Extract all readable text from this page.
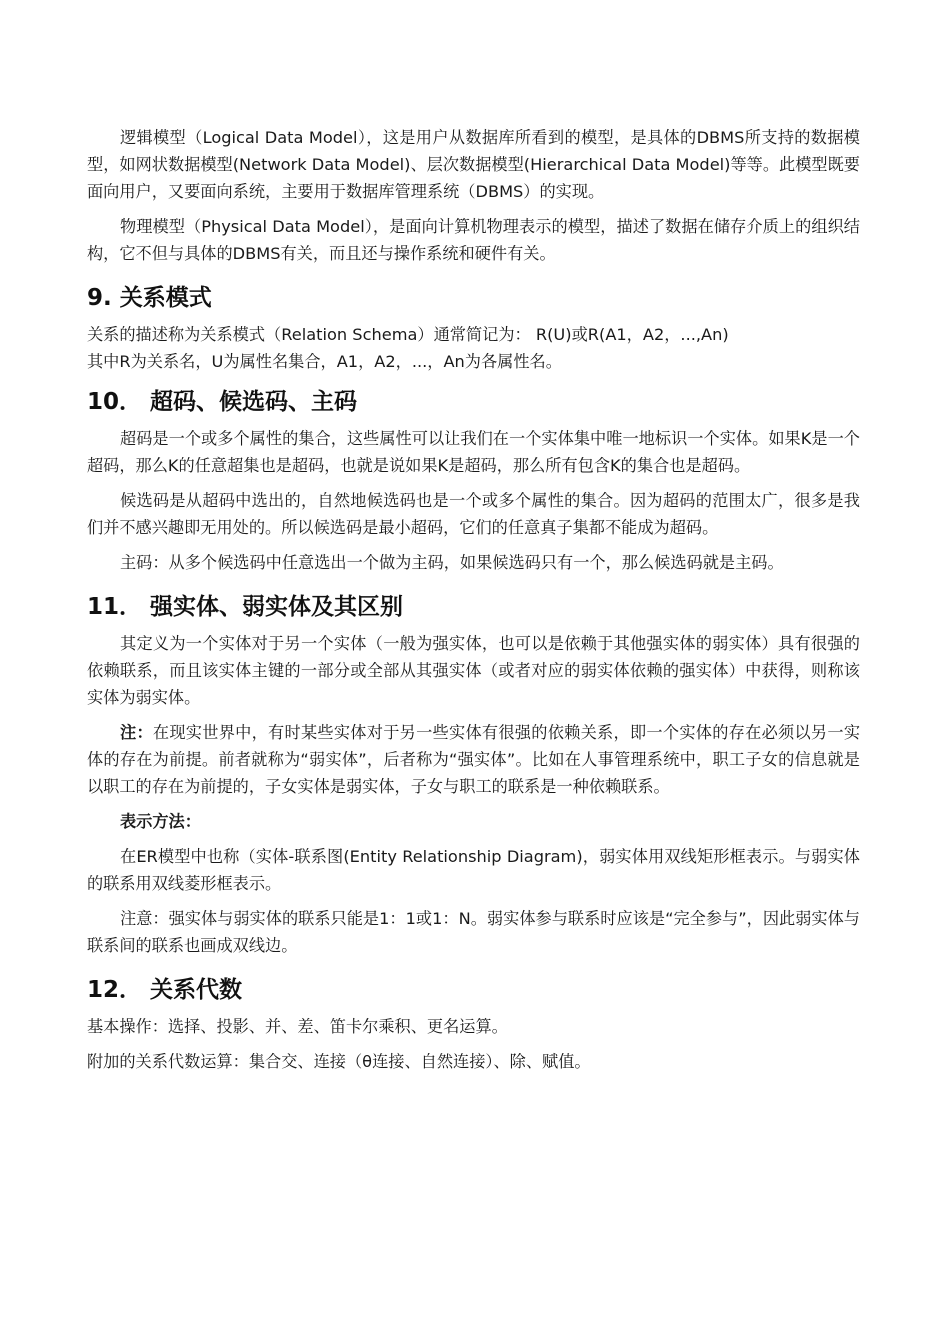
逻辑模型（Logical Data Model），这是用户从数据库所看到的模型，是具体的DBMS所支持的数据模型，如网状数据模型(Network Data Model)、层次数据模型(Hierarchical Data Model)等等。此模型既要面向用户，又要面向系统，主要用于数据库管理系统（DBMS）的实现。

物理模型（Physical Data Model），是面向计算机物理表示的模型，描述了数据在储存介质上的组织结构，它不但与具体的DBMS有关，而且还与操作系统和硬件有关。

9. 关系模式

关系的描述称为关系模式（Relation Schema）通常简记为： R(U)或R(A1，A2，...,An)

其中R为关系名，U为属性名集合，A1，A2，...，An为各属性名。

10． 超码、候选码、主码

超码是一个或多个属性的集合，这些属性可以让我们在一个实体集中唯一地标识一个实体。如果K是一个超码，那么K的任意超集也是超码，也就是说如果K是超码，那么所有包含K的集合也是超码。

候选码是从超码中选出的，自然地候选码也是一个或多个属性的集合。因为超码的范围太广，很多是我们并不感兴趣即无用处的。所以候选码是最小超码，它们的任意真子集都不能成为超码。

主码：从多个候选码中任意选出一个做为主码，如果候选码只有一个，那么候选码就是主码。

11． 强实体、弱实体及其区别

其定义为一个实体对于另一个实体（一般为强实体，也可以是依赖于其他强实体的弱实体）具有很强的依赖联系，而且该实体主键的一部分或全部从其强实体（或者对应的弱实体依赖的强实体）中获得，则称该实体为弱实体。

注：在现实世界中，有时某些实体对于另一些实体有很强的依赖关系，即一个实体的存在必须以另一实体的存在为前提。前者就称为“弱实体”，后者称为“强实体”。比如在人事管理系统中，职工子女的信息就是以职工的存在为前提的，子女实体是弱实体，子女与职工的联系是一种依赖联系。

表示方法：

在ER模型中也称（实体-联系图(Entity Relationship Diagram)，弱实体用双线矩形框表示。与弱实体的联系用双线菱形框表示。

注意：强实体与弱实体的联系只能是1：1或1：N。弱实体参与联系时应该是“完全参与”，因此弱实体与联系间的联系也画成双线边。

12． 关系代数

基本操作：选择、投影、并、差、笛卡尔乘积、更名运算。

附加的关系代数运算：集合交、连接（θ连接、自然连接）、除、赋值。
